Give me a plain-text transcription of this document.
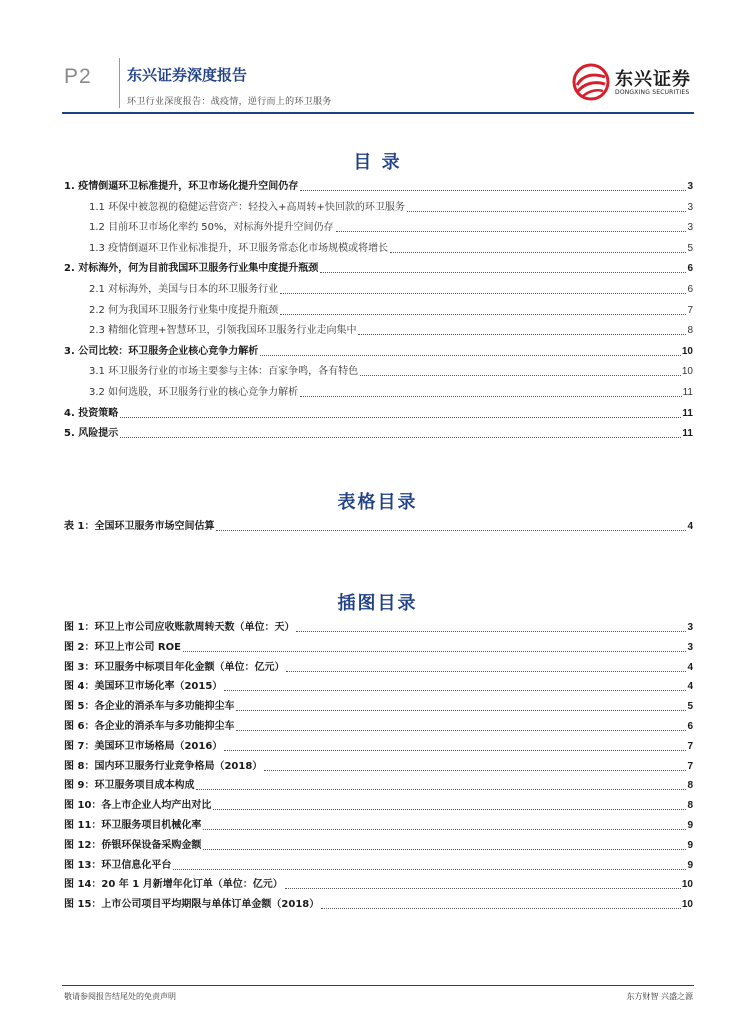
P2 东兴证券深度报告
环卫行业深度报告：战疫情，逆行而上的环卫服务
东兴证券
DONGXING SECURITIES
目 录
1. 疫情倒逼环卫标准提升，环卫市场化提升空间仍存	3
1.1 环保中被忽视的稳健运营资产：轻投入+高周转+快回款的环卫服务	3
1.2 目前环卫市场化率约 50%，对标海外提升空间仍存	3
1.3 疫情倒逼环卫作业标准提升，环卫服务常态化市场规模或将增长	5
2. 对标海外，何为目前我国环卫服务行业集中度提升瓶颈	6
2.1 对标海外，美国与日本的环卫服务行业	6
2.2 何为我国环卫服务行业集中度提升瓶颈	7
2.3 精细化管理+智慧环卫，引领我国环卫服务行业走向集中	8
3. 公司比较：环卫服务企业核心竞争力解析	10
3.1 环卫服务行业的市场主要参与主体：百家争鸣，各有特色	10
3.2 如何选股，环卫服务行业的核心竞争力解析	11
4. 投资策略	11
5. 风险提示	11
表格目录
表 1：全国环卫服务市场空间估算	4
插图目录
图 1：环卫上市公司应收账款周转天数（单位：天）	3
图 2：环卫上市公司 ROE	3
图 3：环卫服务中标项目年化金额（单位：亿元）	4
图 4：美国环卫市场化率（2015）	4
图 5：各企业的消杀车与多功能抑尘车	5
图 6：各企业的消杀车与多功能抑尘车	6
图 7：美国环卫市场格局（2016）	7
图 8：国内环卫服务行业竞争格局（2018）	7
图 9：环卫服务项目成本构成	8
图 10：各上市企业人均产出对比	8
图 11：环卫服务项目机械化率	9
图 12：侨银环保设备采购金额	9
图 13：环卫信息化平台	9
图 14：20 年 1 月新增年化订单（单位：亿元）	10
图 15：上市公司项目平均期限与单体订单金额（2018）	10
敬请参阅报告结尾处的免责声明	东方财智 兴盛之源
